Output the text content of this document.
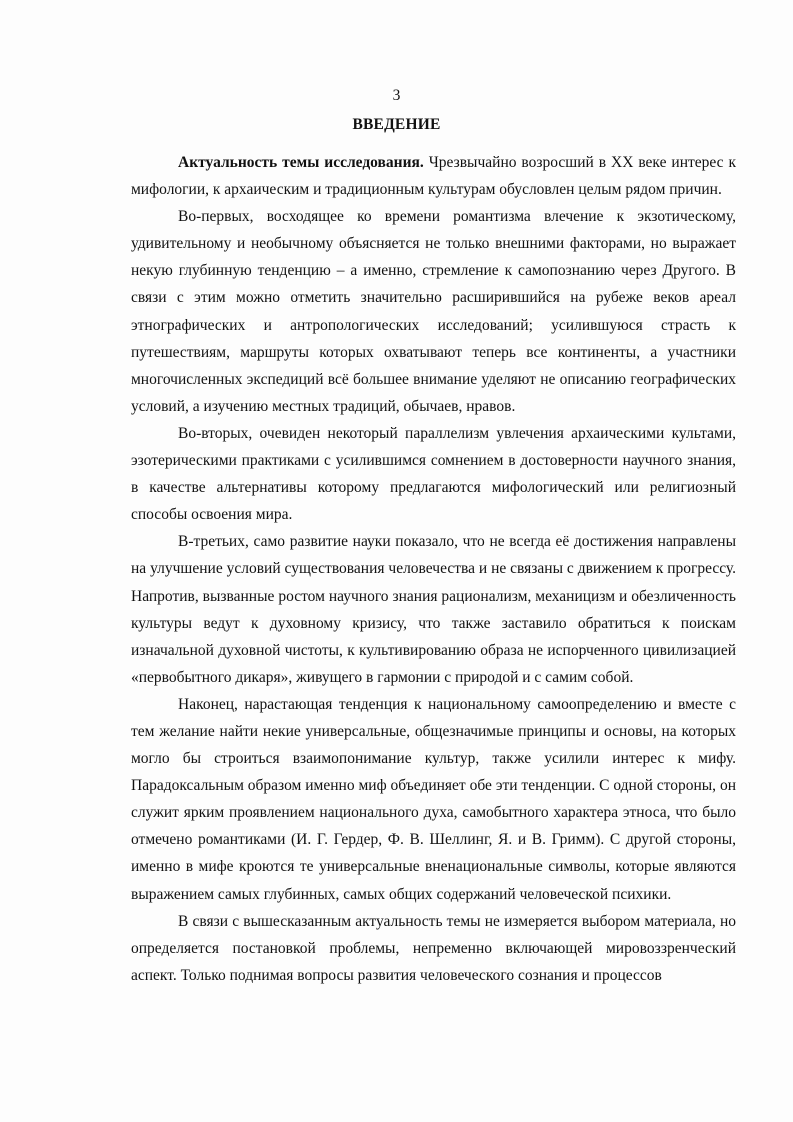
3
ВВЕДЕНИЕ

Актуальность темы исследования. Чрезвычайно возросший в XX веке интерес к мифологии, к архаическим и традиционным культурам обусловлен целым рядом причин.

Во-первых, восходящее ко времени романтизма влечение к экзотическому, удивительному и необычному объясняется не только внешними факторами, но выражает некую глубинную тенденцию – а именно, стремление к самопознанию через Другого. В связи с этим можно отметить значительно расширившийся на рубеже веков ареал этнографических и антропологических исследований; усилившуюся страсть к путешествиям, маршруты которых охватывают теперь все континенты, а участники многочисленных экспедиций всё большее внимание уделяют не описанию географических условий, а изучению местных традиций, обычаев, нравов.

Во-вторых, очевиден некоторый параллелизм увлечения архаическими культами, эзотерическими практиками с усилившимся сомнением в достоверности научного знания, в качестве альтернативы которому предлагаются мифологический или религиозный способы освоения мира.

В-третьих, само развитие науки показало, что не всегда её достижения направлены на улучшение условий существования человечества и не связаны с движением к прогрессу. Напротив, вызванные ростом научного знания рационализм, механицизм и обезличенность культуры ведут к духовному кризису, что также заставило обратиться к поискам изначальной духовной чистоты, к культивированию образа не испорченного цивилизацией «первобытного дикаря», живущего в гармонии с природой и с самим собой.

Наконец, нарастающая тенденция к национальному самоопределению и вместе с тем желание найти некие универсальные, общезначимые принципы и основы, на которых могло бы строиться взаимопонимание культур, также усилили интерес к мифу. Парадоксальным образом именно миф объединяет обе эти тенденции. С одной стороны, он служит ярким проявлением национального духа, самобытного характера этноса, что было отмечено романтиками (И. Г. Гердер, Ф. В. Шеллинг, Я. и В. Гримм). С другой стороны, именно в мифе кроются те универсальные вненациональные символы, которые являются выражением самых глубинных, самых общих содержаний человеческой психики.

В связи с вышесказанным актуальность темы не измеряется выбором материала, но определяется постановкой проблемы, непременно включающей мировоззренческий аспект. Только поднимая вопросы развития человеческого сознания и процессов
